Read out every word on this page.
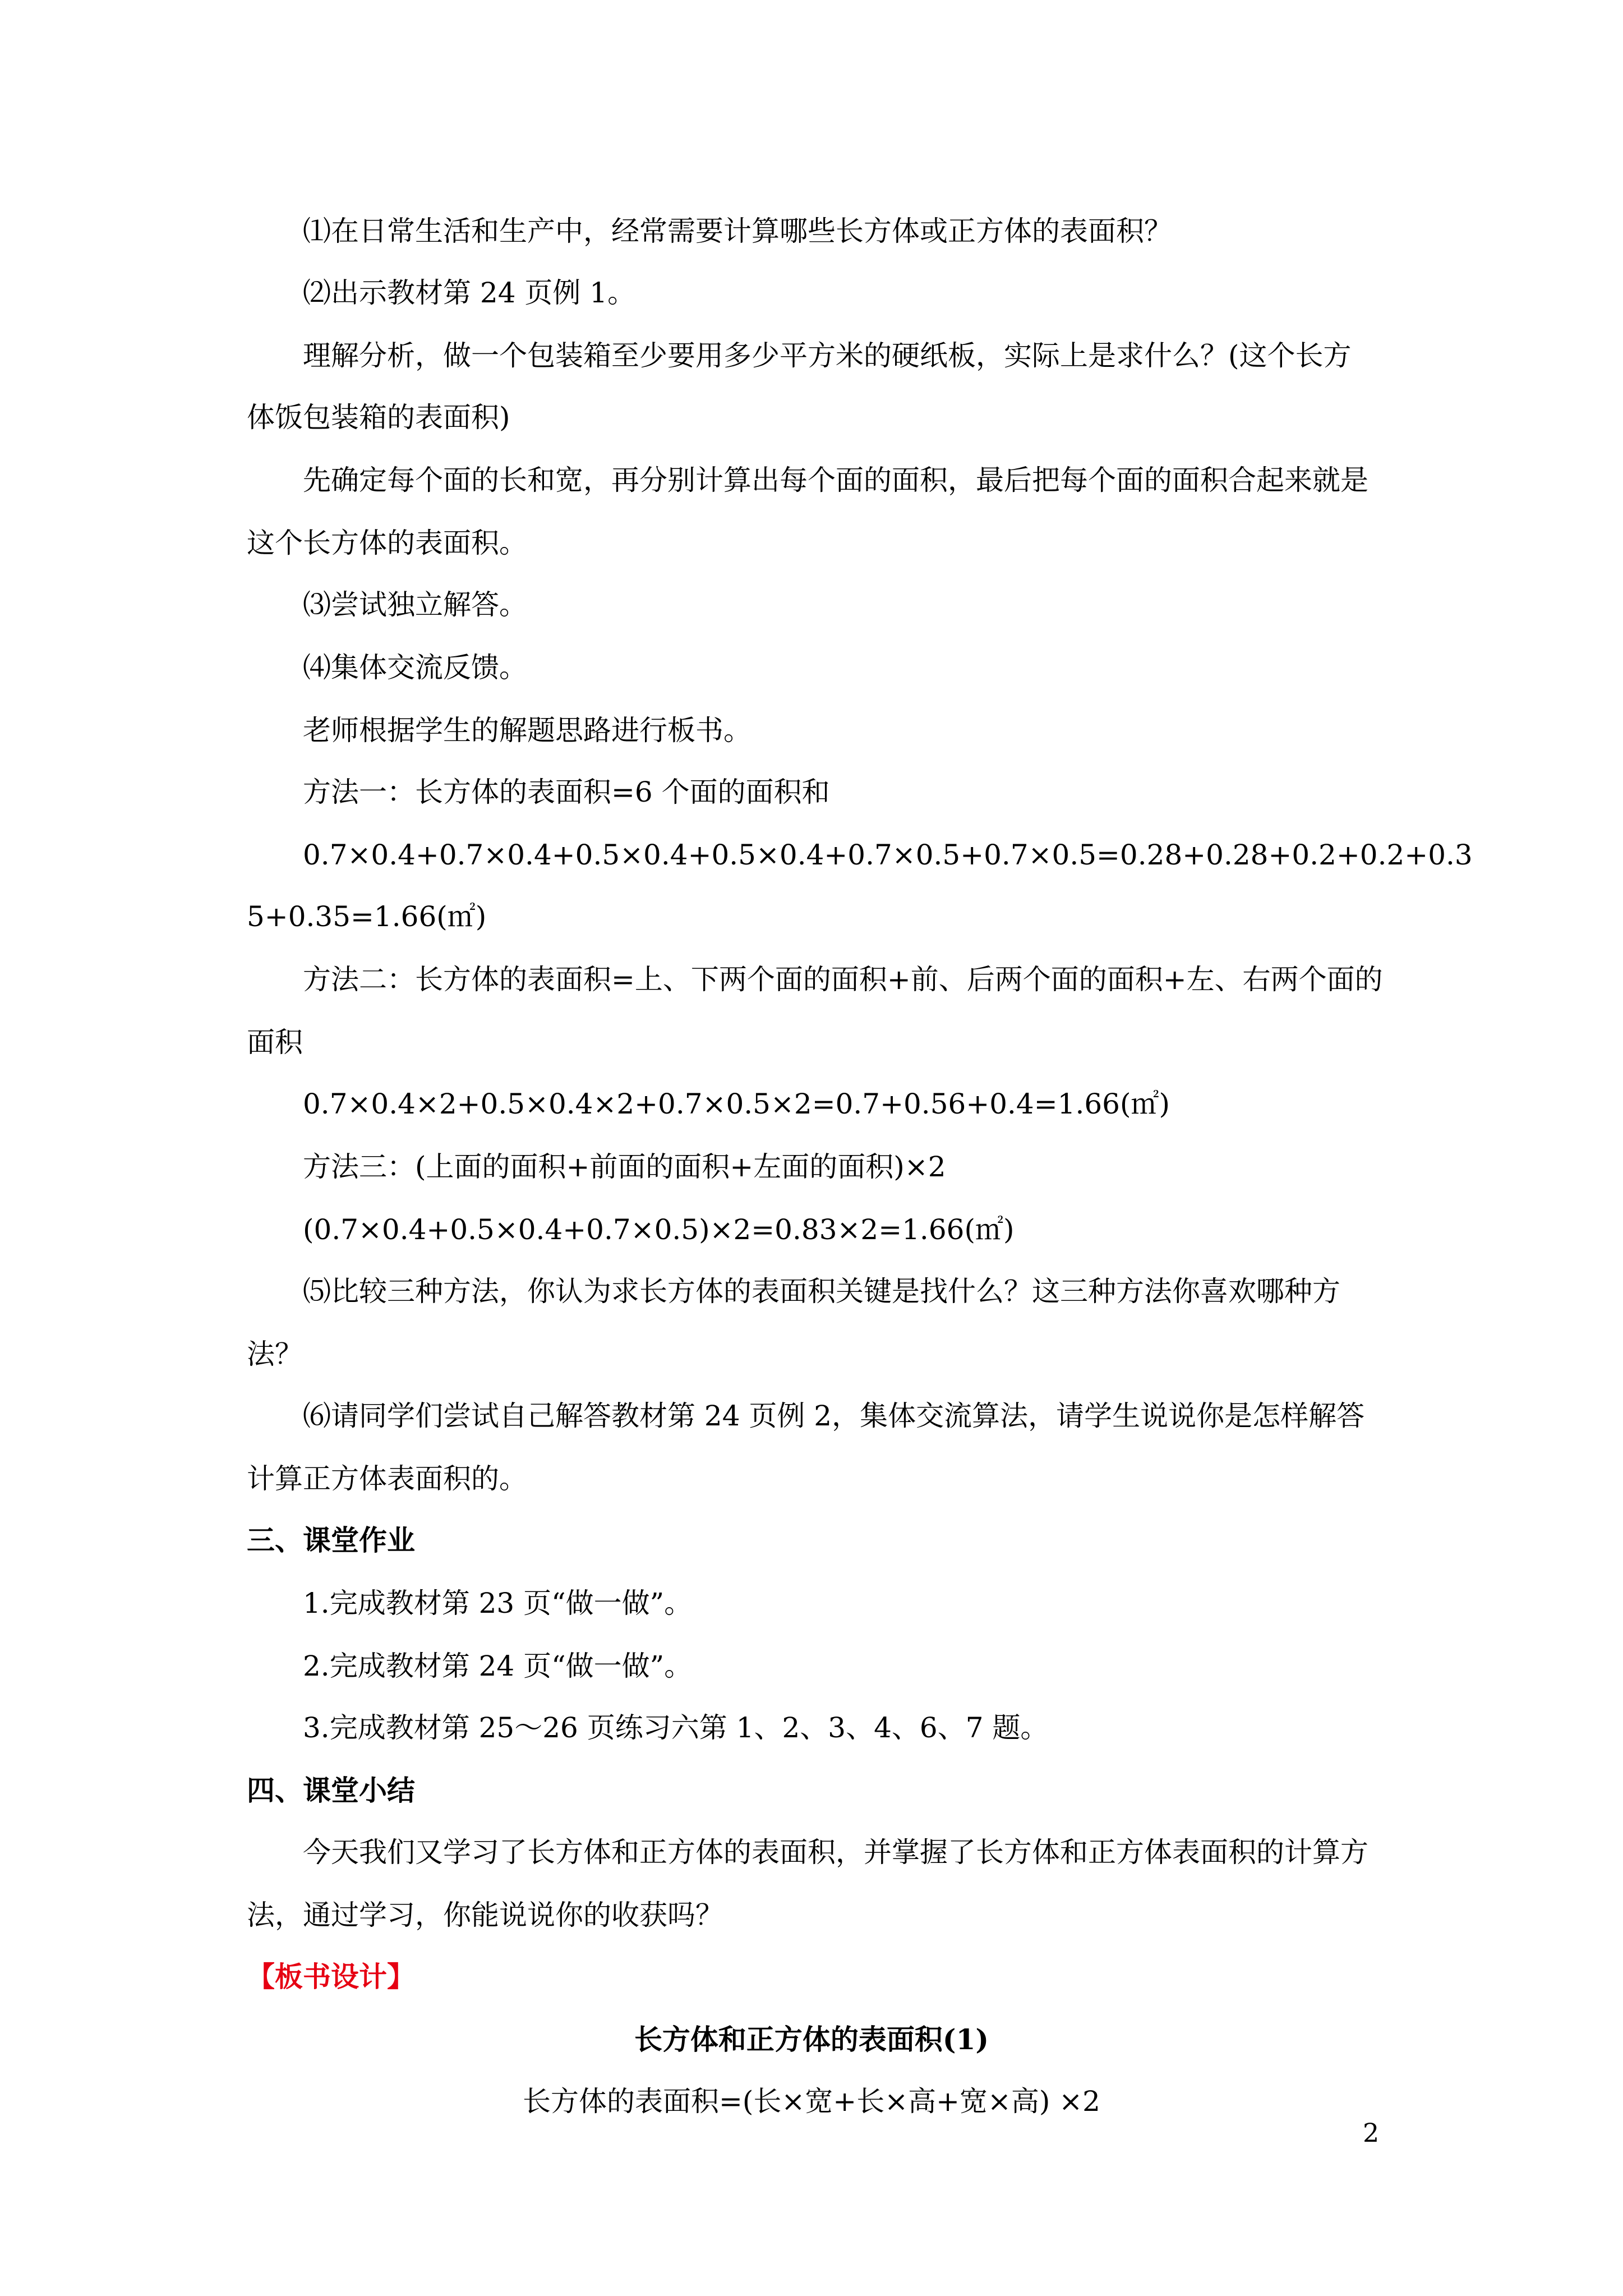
⑴在日常生活和生产中，经常需要计算哪些长方体或正方体的表面积？
⑵出示教材第 24 页例 1。
理解分析，做一个包装箱至少要用多少平方米的硬纸板，实际上是求什么？(这个长方
体饭包装箱的表面积)
先确定每个面的长和宽，再分别计算出每个面的面积，最后把每个面的面积合起来就是
这个长方体的表面积。
⑶尝试独立解答。
⑷集体交流反馈。
老师根据学生的解题思路进行板书。
方法一：长方体的表面积=6 个面的面积和
0.7×0.4+0.7×0.4+0.5×0.4+0.5×0.4+0.7×0.5+0.7×0.5=0.28+0.28+0.2+0.2+0.3
5+0.35=1.66(㎡)
方法二：长方体的表面积=上、下两个面的面积+前、后两个面的面积+左、右两个面的
面积
0.7×0.4×2+0.5×0.4×2+0.7×0.5×2=0.7+0.56+0.4=1.66(㎡)
方法三：(上面的面积+前面的面积+左面的面积)×2
(0.7×0.4+0.5×0.4+0.7×0.5)×2=0.83×2=1.66(㎡)
⑸比较三种方法，你认为求长方体的表面积关键是找什么？这三种方法你喜欢哪种方
法？
⑹请同学们尝试自己解答教材第 24 页例 2，集体交流算法，请学生说说你是怎样解答
计算正方体表面积的。
三、课堂作业
1.完成教材第 23 页“做一做”。
2.完成教材第 24 页“做一做”。
3.完成教材第 25～26 页练习六第 1、2、3、4、6、7 题。
四、课堂小结
今天我们又学习了长方体和正方体的表面积，并掌握了长方体和正方体表面积的计算方
法，通过学习，你能说说你的收获吗？
【板书设计】
长方体和正方体的表面积(1)
长方体的表面积=(长×宽+长×高+宽×高) ×2
2
